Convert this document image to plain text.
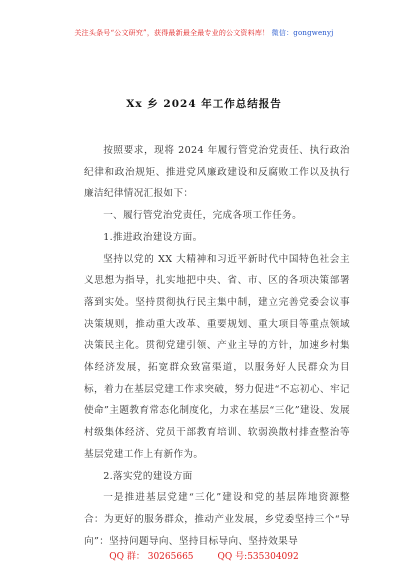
关注头条号“公文研究”，获得最新最全最专业的公文资料库！ 微信：gongwenyj
Xx 乡 2024 年工作总结报告

按照要求，现将 2024 年履行管党治党责任、执行政治纪律和政治规矩、推进党风廉政建设和反腐败工作以及执行廉洁纪律情况汇报如下：

一、履行管党治党责任，完成各项工作任务。

1.推进政治建设方面。

坚持以党的 XX 大精神和习近平新时代中国特色社会主义思想为指导，扎实地把中央、省、市、区的各项决策部署落到实处。坚持贯彻执行民主集中制，建立完善党委会议事决策规则，推动重大改革、重要规划、重大项目等重点领域决策民主化。贯彻党建引领、产业主导的方针，加速乡村集体经济发展，拓宽群众致富渠道，以服务好人民群众为目标，着力在基层党建工作求突破，努力促进“不忘初心、牢记使命”主题教育常态化制度化，力求在基层“三化”建设、发展村级集体经济、党员干部教育培训、软弱涣散村排查整治等基层党建工作上有新作为。

2.落实党的建设方面

一是推进基层党建“三化”建设和党的基层阵地资源整合：为更好的服务群众，推动产业发展，乡党委坚持三个“导向”：坚持问题导向、坚持目标导向、坚持效果导

QQ 群： 30265665	QQ 号:535304092
